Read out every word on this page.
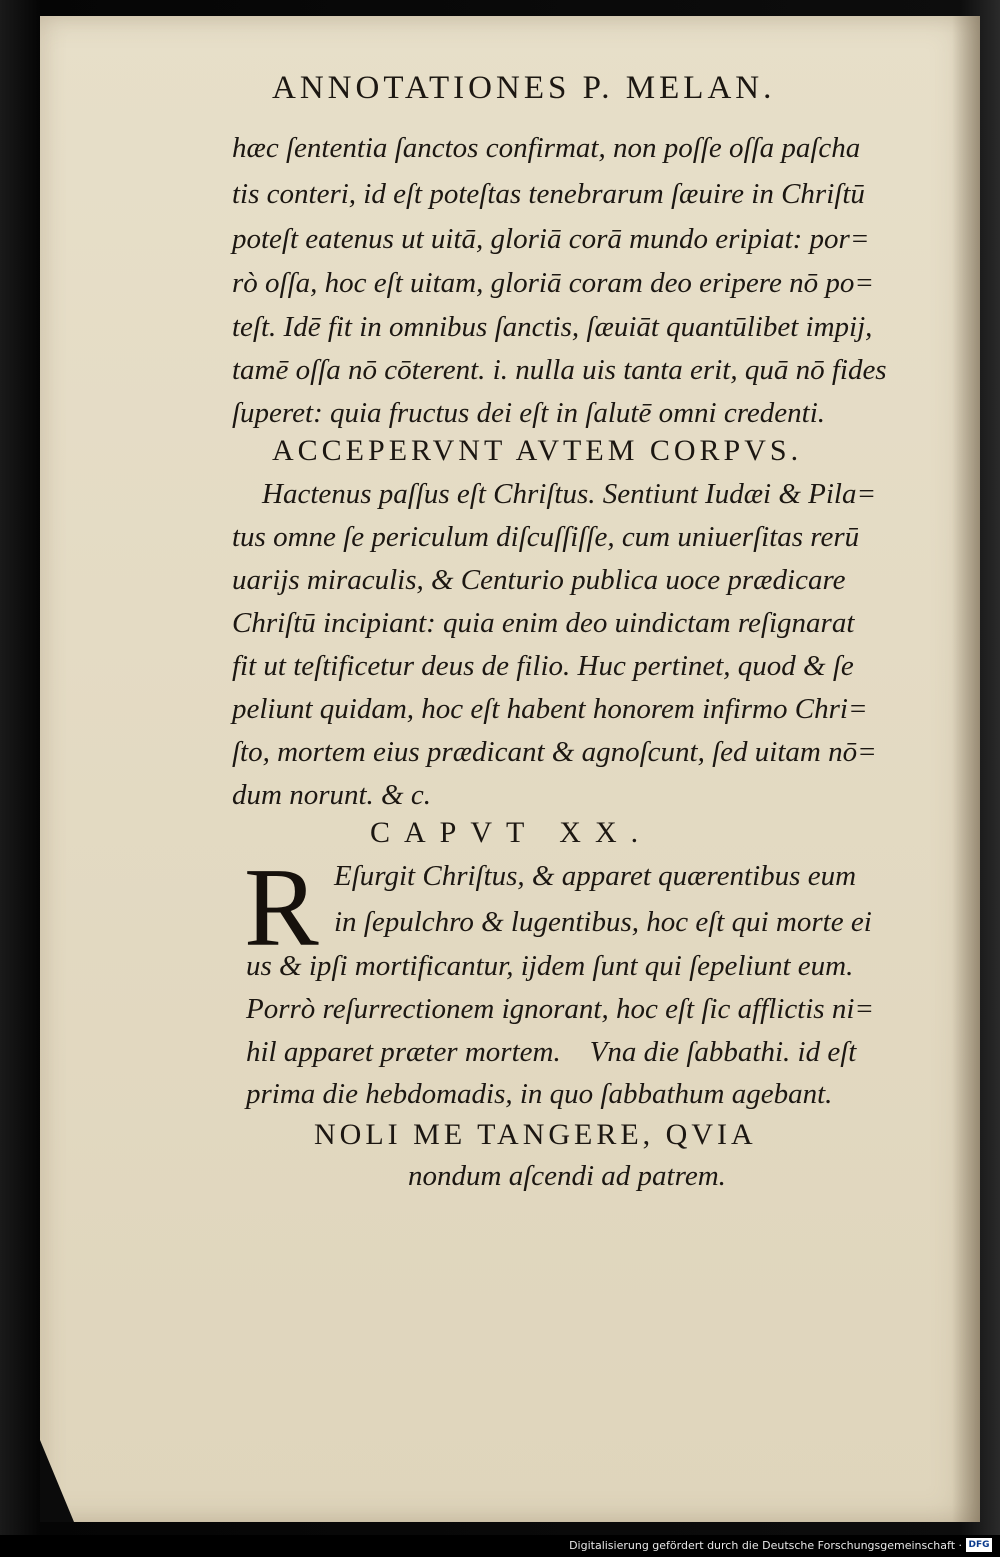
ANNOTATIONES P. MELAN.
hæc ſententia ſanctos confirmat, non poſſe oſſa paſcha
tis conteri, id eſt poteſtas tenebrarum ſæuire in Chriſtū
poteſt eatenus ut uitā, gloriā corā mundo eripiat: por=
rò oſſa, hoc eſt uitam, gloriā coram deo eripere nō po=
teſt. Idē fit in omnibus ſanctis, ſæuiāt quantūlibet impij,
tamē oſſa nō cōterent. i. nulla uis tanta erit, quā nō fides
ſuperet: quia fructus dei eſt in ſalutē omni credenti.
ACCEPERVNT AVTEM CORPVS.
Hactenus paſſus eſt Chriſtus. Sentiunt Iudæi & Pila=
tus omne ſe periculum diſcuſſiſſe, cum uniuerſitas rerū
uarijs miraculis, & Centurio publica uoce prædicare
Chriſtū incipiant: quia enim deo uindictam reſignarat
fit ut teſtificetur deus de filio. Huc pertinet, quod & ſe
peliunt quidam, hoc eſt habent honorem infirmo Chri=
ſto, mortem eius prædicant & agnoſcunt, ſed uitam nō=
dum norunt. & c.
CAPVT XX.
R Eſurgit Chriſtus, & apparet quærentibus eum
in ſepulchro & lugentibus, hoc eſt qui morte ei
us & ipſi mortificantur, ijdem ſunt qui ſepeliunt eum.
Porrò reſurrectionem ignorant, hoc eſt ſic afflictis ni=
hil apparet præter mortem.    Vna die ſabbathi. id eſt
prima die hebdomadis, in quo ſabbathum agebant.
NOLI ME TANGERE, QVIA
nondum aſcendi ad patrem.
Digitalisierung gefördert durch die Deutsche Forschungsgemeinschaft · DFG
